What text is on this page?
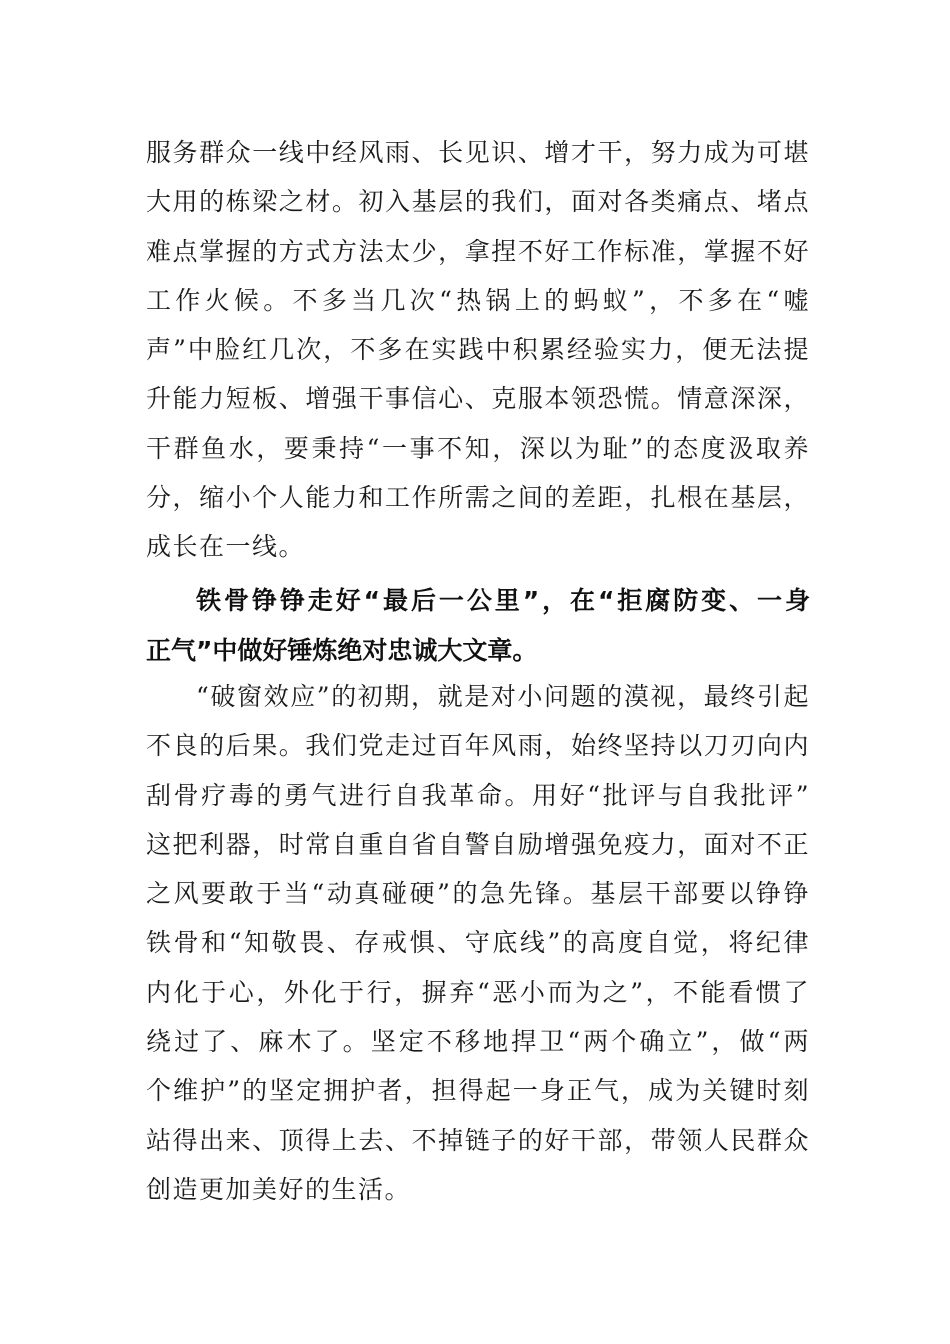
服务群众一线中经风雨、长见识、增才干，努力成为可堪
大用的栋梁之材。初入基层的我们，面对各类痛点、堵点
难点掌握的方式方法太少，拿捏不好工作标准，掌握不好
工作火候。不多当几次“热锅上的蚂蚁”，不多在“嘘
声”中脸红几次，不多在实践中积累经验实力，便无法提
升能力短板、增强干事信心、克服本领恐慌。情意深深，
干群鱼水，要秉持“一事不知，深以为耻”的态度汲取养
分，缩小个人能力和工作所需之间的差距，扎根在基层，
成长在一线。
铁骨铮铮走好“最后一公里”，在“拒腐防变、一身
正气”中做好锤炼绝对忠诚大文章。
“破窗效应”的初期，就是对小问题的漠视，最终引起
不良的后果。我们党走过百年风雨，始终坚持以刀刃向内
刮骨疗毒的勇气进行自我革命。用好“批评与自我批评”
这把利器，时常自重自省自警自励增强免疫力，面对不正
之风要敢于当“动真碰硬”的急先锋。基层干部要以铮铮
铁骨和“知敬畏、存戒惧、守底线”的高度自觉，将纪律
内化于心，外化于行，摒弃“恶小而为之”，不能看惯了
绕过了、麻木了。坚定不移地捍卫“两个确立”，做“两
个维护”的坚定拥护者，担得起一身正气，成为关键时刻
站得出来、顶得上去、不掉链子的好干部，带领人民群众
创造更加美好的生活。
